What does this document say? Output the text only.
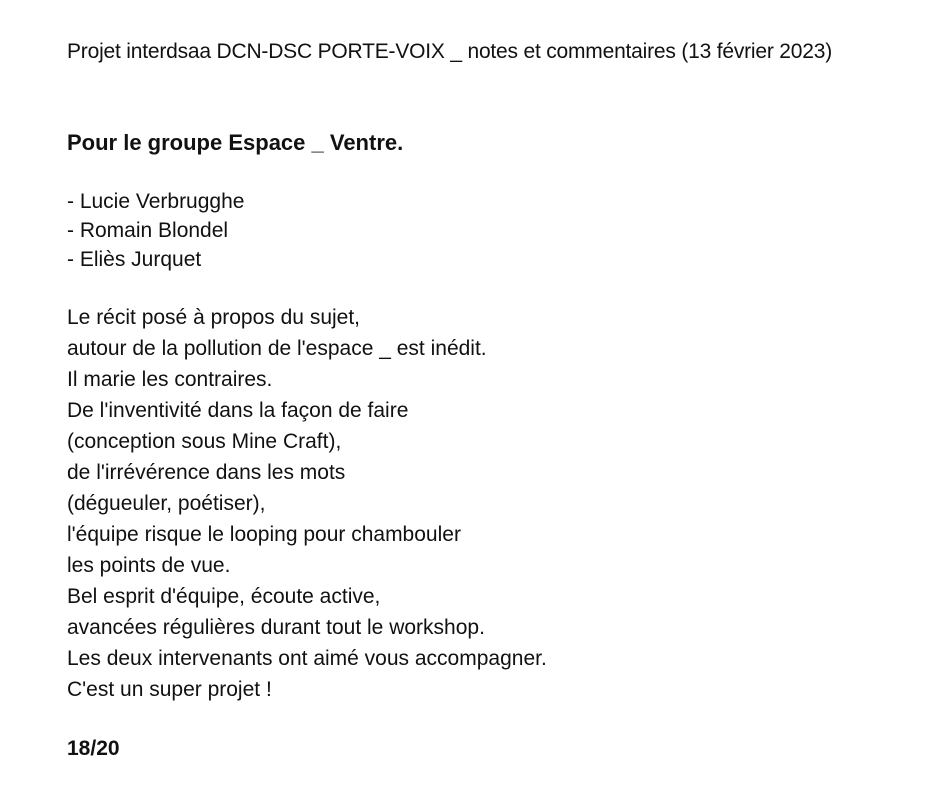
Projet interdsaa DCN-DSC PORTE-VOIX _ notes et commentaires (13 février 2023)
Pour le groupe Espace _ Ventre.
- Lucie Verbrugghe
- Romain Blondel
- Eliès Jurquet
Le récit posé à propos du sujet,
autour de la pollution de l'espace _ est inédit.
Il marie les contraires.
De l'inventivité dans la façon de faire
(conception sous Mine Craft),
de l'irrévérence dans les mots
(dégueuler, poétiser),
l'équipe risque le looping pour chambouler
les points de vue.
Bel esprit d'équipe, écoute active,
avancées régulières durant tout le workshop.
Les deux intervenants ont aimé vous accompagner.
C'est un super projet !
18/20
